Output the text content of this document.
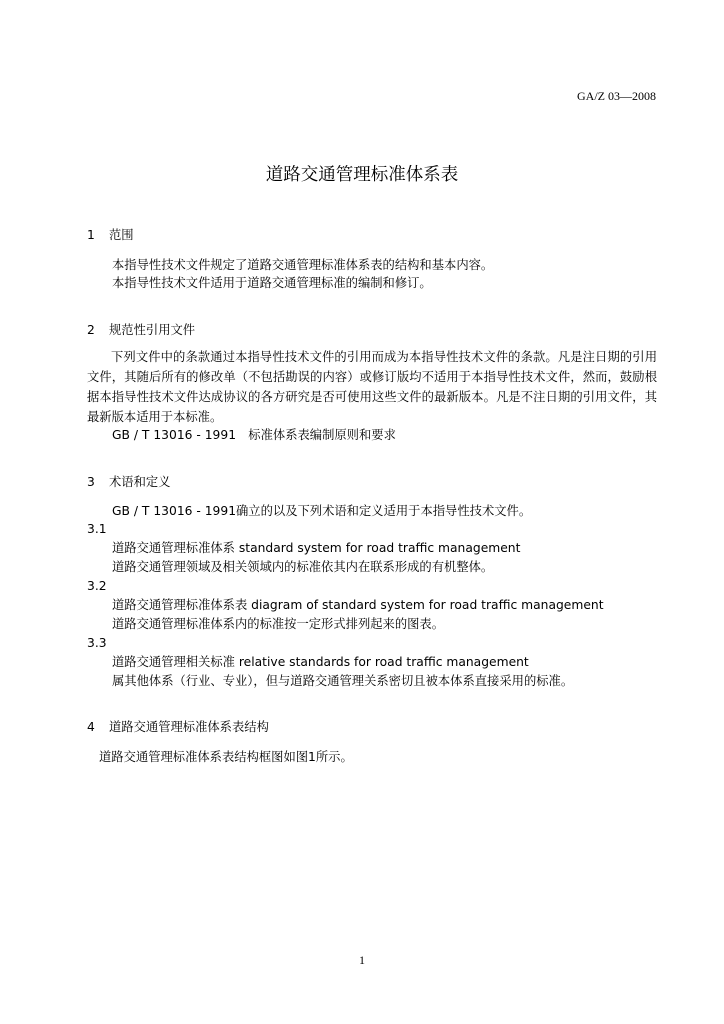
GA/Z 03—2008
道路交通管理标准体系表
1 范围
本指导性技术文件规定了道路交通管理标准体系表的结构和基本内容。
本指导性技术文件适用于道路交通管理标准的编制和修订。
2 规范性引用文件
下列文件中的条款通过本指导性技术文件的引用而成为本指导性技术文件的条款。凡是注日期的引用文件，其随后所有的修改单（不包括勘误的内容）或修订版均不适用于本指导性技术文件，然而，鼓励根据本指导性技术文件达成协议的各方研究是否可使用这些文件的最新版本。凡是不注日期的引用文件，其最新版本适用于本标准。
GB / T 13016 - 1991　标准体系表编制原则和要求
3 术语和定义
GB / T 13016 - 1991确立的以及下列术语和定义适用于本指导性技术文件。
3.1
道路交通管理标准体系 standard system for road traffic management
道路交通管理领域及相关领域内的标准依其内在联系形成的有机整体。
3.2
道路交通管理标准体系表 diagram of standard system for road traffic management
道路交通管理标准体系内的标准按一定形式排列起来的图表。
3.3
道路交通管理相关标准 relative standards for road traffic management
属其他体系（行业、专业），但与道路交通管理关系密切且被本体系直接采用的标准。
4 道路交通管理标准体系表结构
道路交通管理标准体系表结构框图如图1所示。
1
